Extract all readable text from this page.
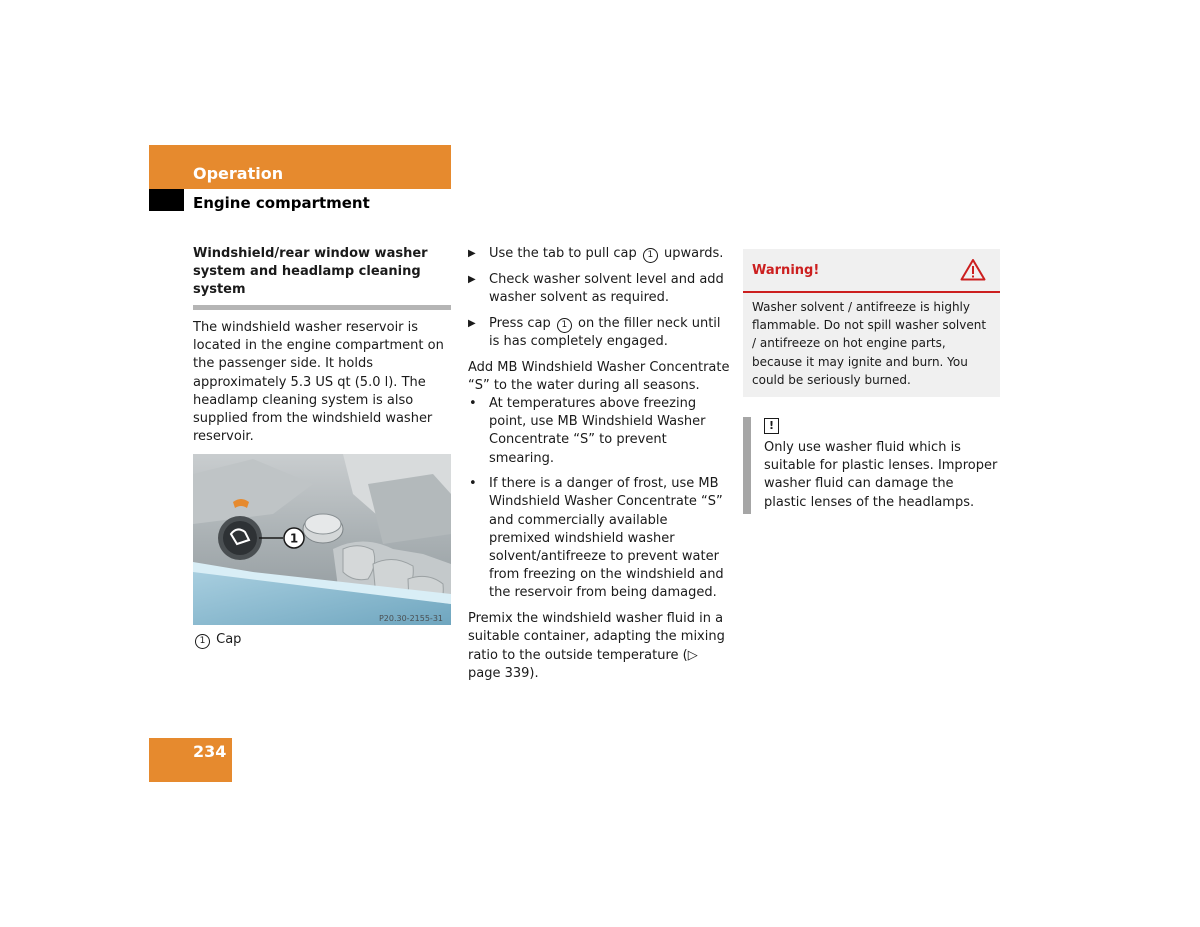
Operation
Engine compartment
Windshield/rear window washer system and headlamp cleaning system

The windshield washer reservoir is located in the engine compartment on the passenger side. It holds approximately 5.3 US qt (5.0 l). The headlamp cleaning system is also supplied from the windshield washer reservoir.

1
P20.30-2155-31
1 Cap
▶ Use the tab to pull cap 1 upwards.
▶ Check washer solvent level and add washer solvent as required.
▶ Press cap 1 on the filler neck until is has completely engaged.

Add MB Windshield Washer Concentrate “S” to the water during all seasons.

• At temperatures above freezing point, use MB Windshield Washer Concentrate “S” to prevent smearing.
• If there is a danger of frost, use MB Windshield Washer Concentrate “S” and commercially available premixed windshield washer solvent/antifreeze to prevent water from freezing on the windshield and the reservoir from being damaged.

Premix the windshield washer fluid in a suitable container, adapting the mixing ratio to the outside temperature (▷ page 339).

Warning!
Washer solvent / antifreeze is highly flammable. Do not spill washer solvent / antifreeze on hot engine parts, because it may ignite and burn. You could be seriously burned.
!

Only use washer fluid which is suitable for plastic lenses. Improper washer fluid can damage the plastic lenses of the headlamps.

234
